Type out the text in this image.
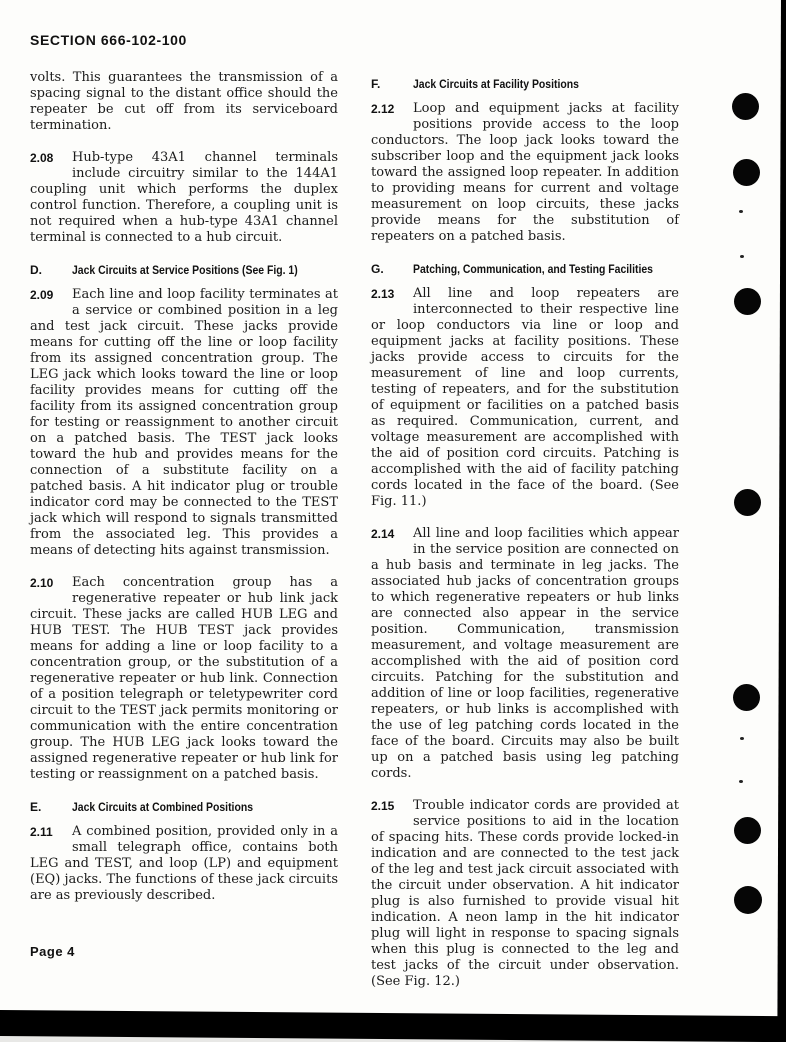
SECTION 666-102-100

volts. This guarantees the transmission of a spacing signal to the distant office should the repeater be cut off from its serviceboard termination.

2.08 Hub-type 43A1 channel terminals include circuitry similar to the 144A1 coupling unit which performs the duplex control function. Therefore, a coupling unit is not required when a hub-type 43A1 channel terminal is connected to a hub circuit.
D.	Jack Circuits at Service Positions (See Fig. 1)
2.09 Each line and loop facility terminates at a service or combined position in a leg and test jack circuit. These jacks provide means for cutting off the line or loop facility from its assigned concentration group. The LEG jack which looks toward the line or loop facility provides means for cutting off the facility from its assigned concentration group for testing or reassignment to another circuit on a patched basis. The TEST jack looks toward the hub and provides means for the connection of a substitute facility on a patched basis. A hit indicator plug or trouble indicator cord may be connected to the TEST jack which will respond to signals transmitted from the associated leg. This provides a means of detecting hits against transmission.
2.10 Each concentration group has a regenerative repeater or hub link jack circuit. These jacks are called HUB LEG and HUB TEST. The HUB TEST jack provides means for adding a line or loop facility to a concentration group, or the substitution of a regenerative repeater or hub link. Connection of a position telegraph or teletypewriter cord circuit to the TEST jack permits monitoring or communication with the entire concentration group. The HUB LEG jack looks toward the assigned regenerative repeater or hub link for testing or reassignment on a patched basis.
E.	Jack Circuits at Combined Positions
2.11 A combined position, provided only in a small telegraph office, contains both LEG and TEST, and loop (LP) and equipment (EQ) jacks. The functions of these jack circuits are as previously described.
F.	Jack Circuits at Facility Positions
2.12 Loop and equipment jacks at facility positions provide access to the loop conductors. The loop jack looks toward the subscriber loop and the equipment jack looks toward the assigned loop repeater. In addition to providing means for current and voltage measurement on loop circuits, these jacks provide means for the substitution of repeaters on a patched basis.
G. Patching, Communication, and Testing Facilities
2.13 All line and loop repeaters are interconnected to their respective line or loop conductors via line or loop and equipment jacks at facility positions. These jacks provide access to circuits for the measurement of line and loop currents, testing of repeaters, and for the substitution of equipment or facilities on a patched basis as required. Communication, current, and voltage measurement are accomplished with the aid of position cord circuits. Patching is accomplished with the aid of facility patching cords located in the face of the board. (See Fig. 11.)
2.14 All line and loop facilities which appear in the service position are connected on a hub basis and terminate in leg jacks. The associated hub jacks of concentration groups to which regenerative repeaters or hub links are connected also appear in the service position. Communication, transmission measurement, and voltage measurement are accomplished with the aid of position cord circuits. Patching for the substitution and addition of line or loop facilities, regenerative repeaters, or hub links is accomplished with the use of leg patching cords located in the face of the board. Circuits may also be built up on a patched basis using leg patching cords.
2.15 Trouble indicator cords are provided at service positions to aid in the location of spacing hits. These cords provide locked-in indication and are connected to the test jack of the leg and test jack circuit associated with the circuit under observation. A hit indicator plug is also furnished to provide visual hit indication. A neon lamp in the hit indicator plug will light in response to spacing signals when this plug is connected to the leg and test jacks of the circuit under observation. (See Fig. 12.)
Page 4
